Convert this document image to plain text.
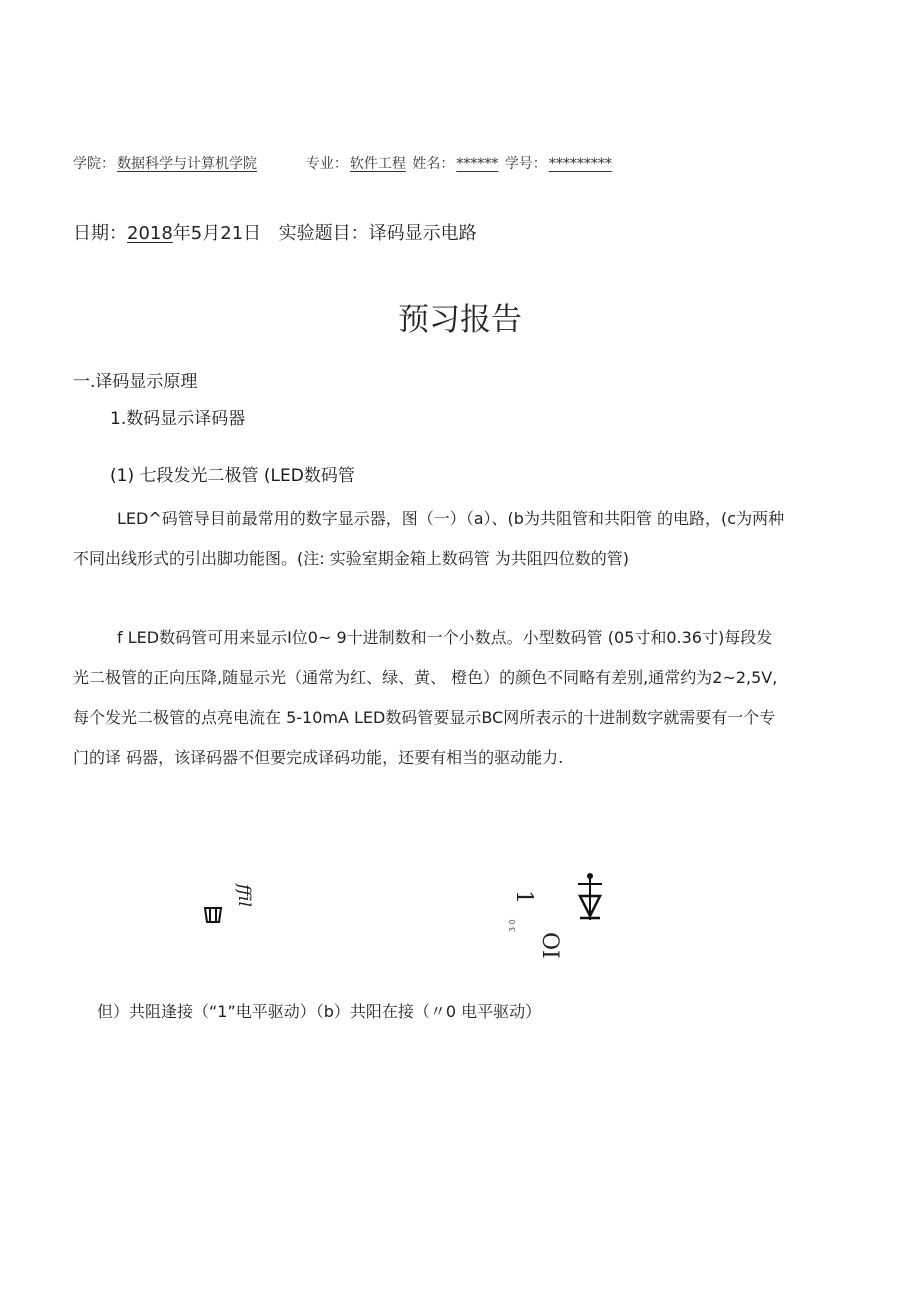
学院： 数据科学与计算机学院	专业： 软件工程 姓名： ****** 学号： *********
日期：2018年5月21日 实验题目：译码显示电路
预习报告
一.译码显示原理
1.数码显示译码器
(1) 七段发光二极管 (LED数码管
LED^码管导目前最常用的数字显示器，图（一）（a）、(b为共阻管和共阳管 的电路，(c为两种不同出线形式的引出脚功能图。(注: 实验室期金箱上数码管 为共阻四位数的管)
f LED数码管可用来显示I位0~ 9十进制数和一个小数点。小型数码管 (05寸和0.36寸)每段发光二极管的正向压降,随显示光（通常为红、绿、黄、 橙色）的颜色不同略有差别,通常约为2~2,5V,每个发光二极管的点亮电流在 5-10mA LED数码管要显示BC网所表示的十进制数字就需要有一个专门的译 码器，该译码器不但要完成译码功能，还要有相当的驱动能力.
ffil
3 0
1
OI
但）共阻逢接（“1”电平驱动）（b）共阳在接（〃0 电平驱动）
